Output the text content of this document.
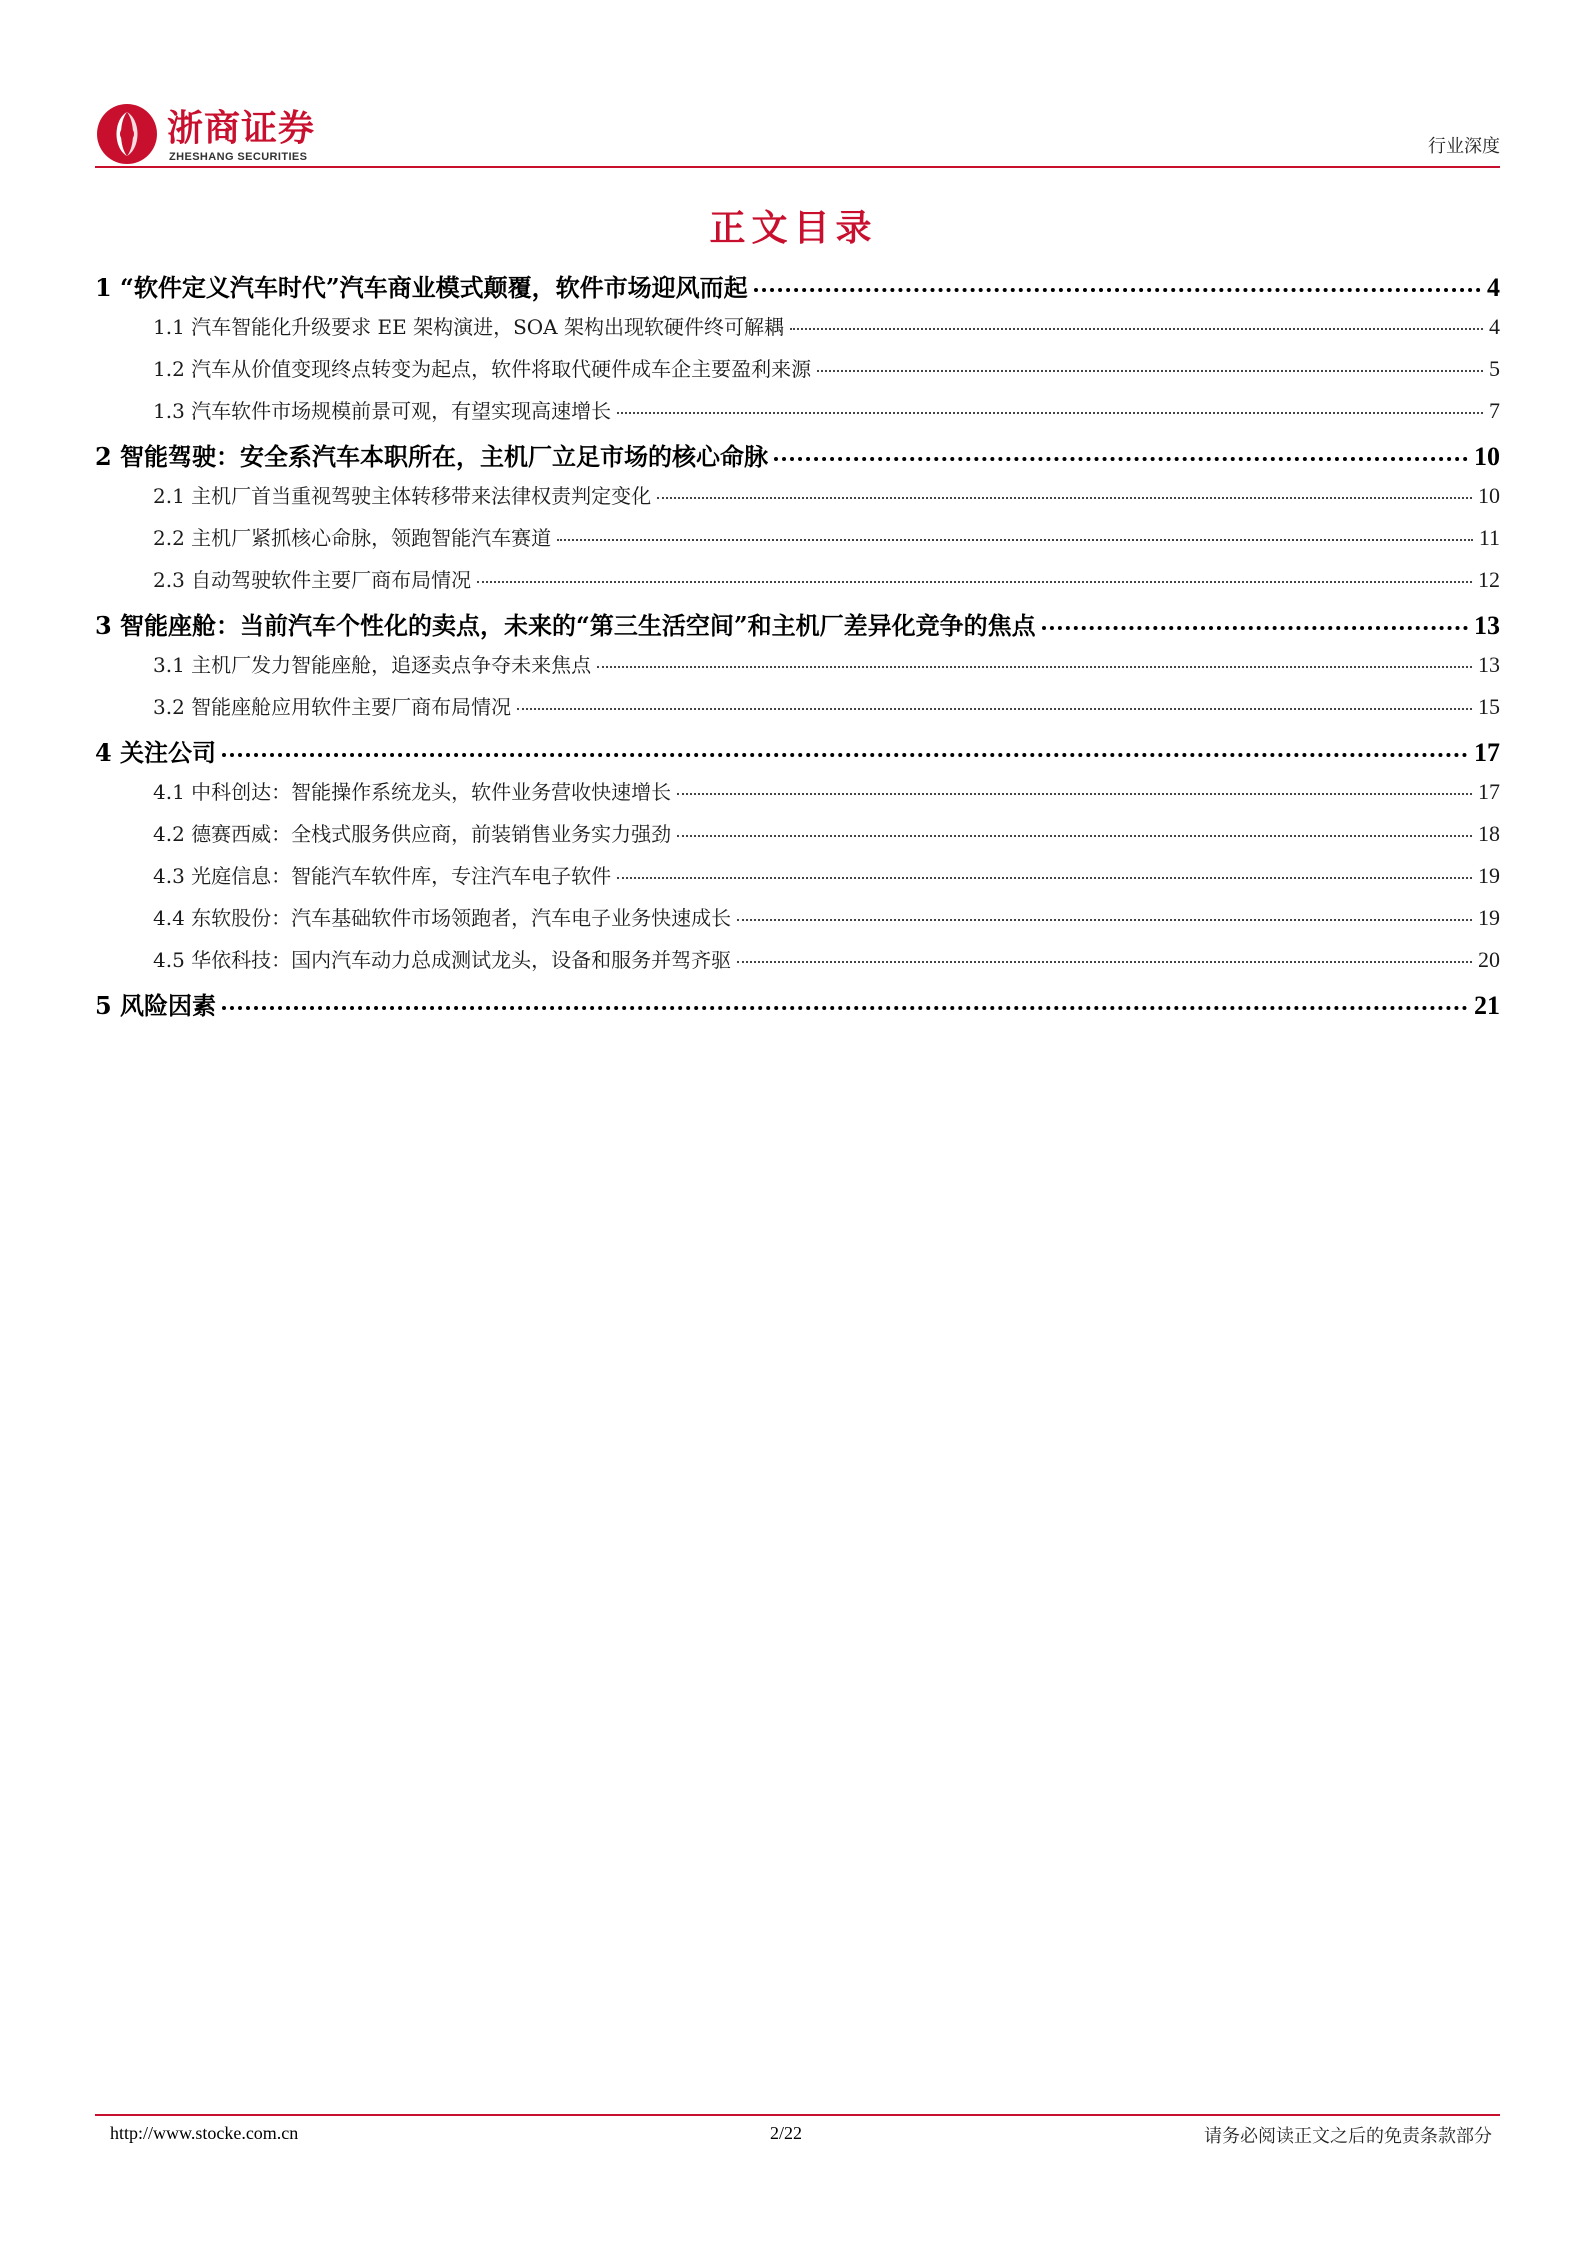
浙商证券
ZHESHANG SECURITIES	行业深度
正文目录
1 “软件定义汽车时代”汽车商业模式颠覆，软件市场迎风而起	4
1.1 汽车智能化升级要求 EE 架构演进，SOA 架构出现软硬件终可解耦	4
1.2 汽车从价值变现终点转变为起点，软件将取代硬件成车企主要盈利来源	5
1.3 汽车软件市场规模前景可观，有望实现高速增长	7
2 智能驾驶：安全系汽车本职所在，主机厂立足市场的核心命脉	10
2.1 主机厂首当重视驾驶主体转移带来法律权责判定变化	10
2.2 主机厂紧抓核心命脉，领跑智能汽车赛道	11
2.3 自动驾驶软件主要厂商布局情况	12
3 智能座舱：当前汽车个性化的卖点，未来的“第三生活空间”和主机厂差异化竞争的焦点	13
3.1 主机厂发力智能座舱，追逐卖点争夺未来焦点	13
3.2 智能座舱应用软件主要厂商布局情况	15
4 关注公司	17
4.1 中科创达：智能操作系统龙头，软件业务营收快速增长	17
4.2 德赛西威：全栈式服务供应商，前装销售业务实力强劲	18
4.3 光庭信息：智能汽车软件库，专注汽车电子软件	19
4.4 东软股份：汽车基础软件市场领跑者，汽车电子业务快速成长	19
4.5 华依科技：国内汽车动力总成测试龙头，设备和服务并驾齐驱	20
5 风险因素	21
http://www.stocke.com.cn	2/22	请务必阅读正文之后的免责条款部分
